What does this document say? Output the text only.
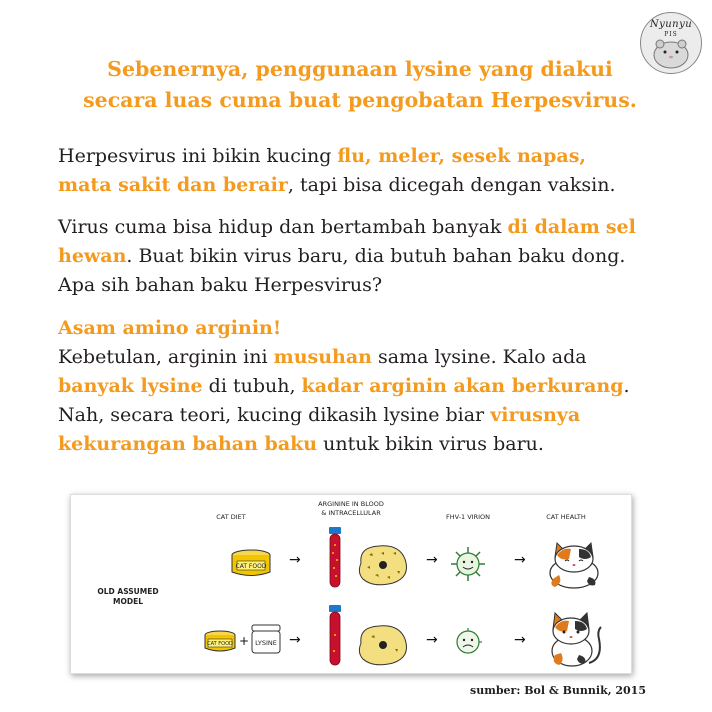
Nyunyu
PIS
Sebenernya, penggunaan lysine yang diakui
secara luas cuma buat pengobatan Herpesvirus.
Herpesvirus ini bikin kucing flu, meler, sesek napas,
mata sakit dan berair, tapi bisa dicegah dengan vaksin.
Virus cuma bisa hidup dan bertambah banyak di dalam sel hewan. Buat bikin virus baru, dia butuh bahan baku dong. Apa sih bahan baku Herpesvirus?
Asam amino arginin!
Kebetulan, arginin ini musuhan sama lysine. Kalo ada banyak lysine di tubuh, kadar arginin akan berkurang. Nah, secara teori, kucing dikasih lysine biar virusnya kekurangan bahan baku untuk bikin virus baru.
CAT DIET
ARGININE IN BLOOD
& INTRACELLULAR	FHV-1 VIRION	CAT HEALTH
OLD ASSUMED
MODEL
CAT FOOD
CAT FOOD + LYSINE
→	→	→
→	→	→
sumber: Bol & Bunnik, 2015
